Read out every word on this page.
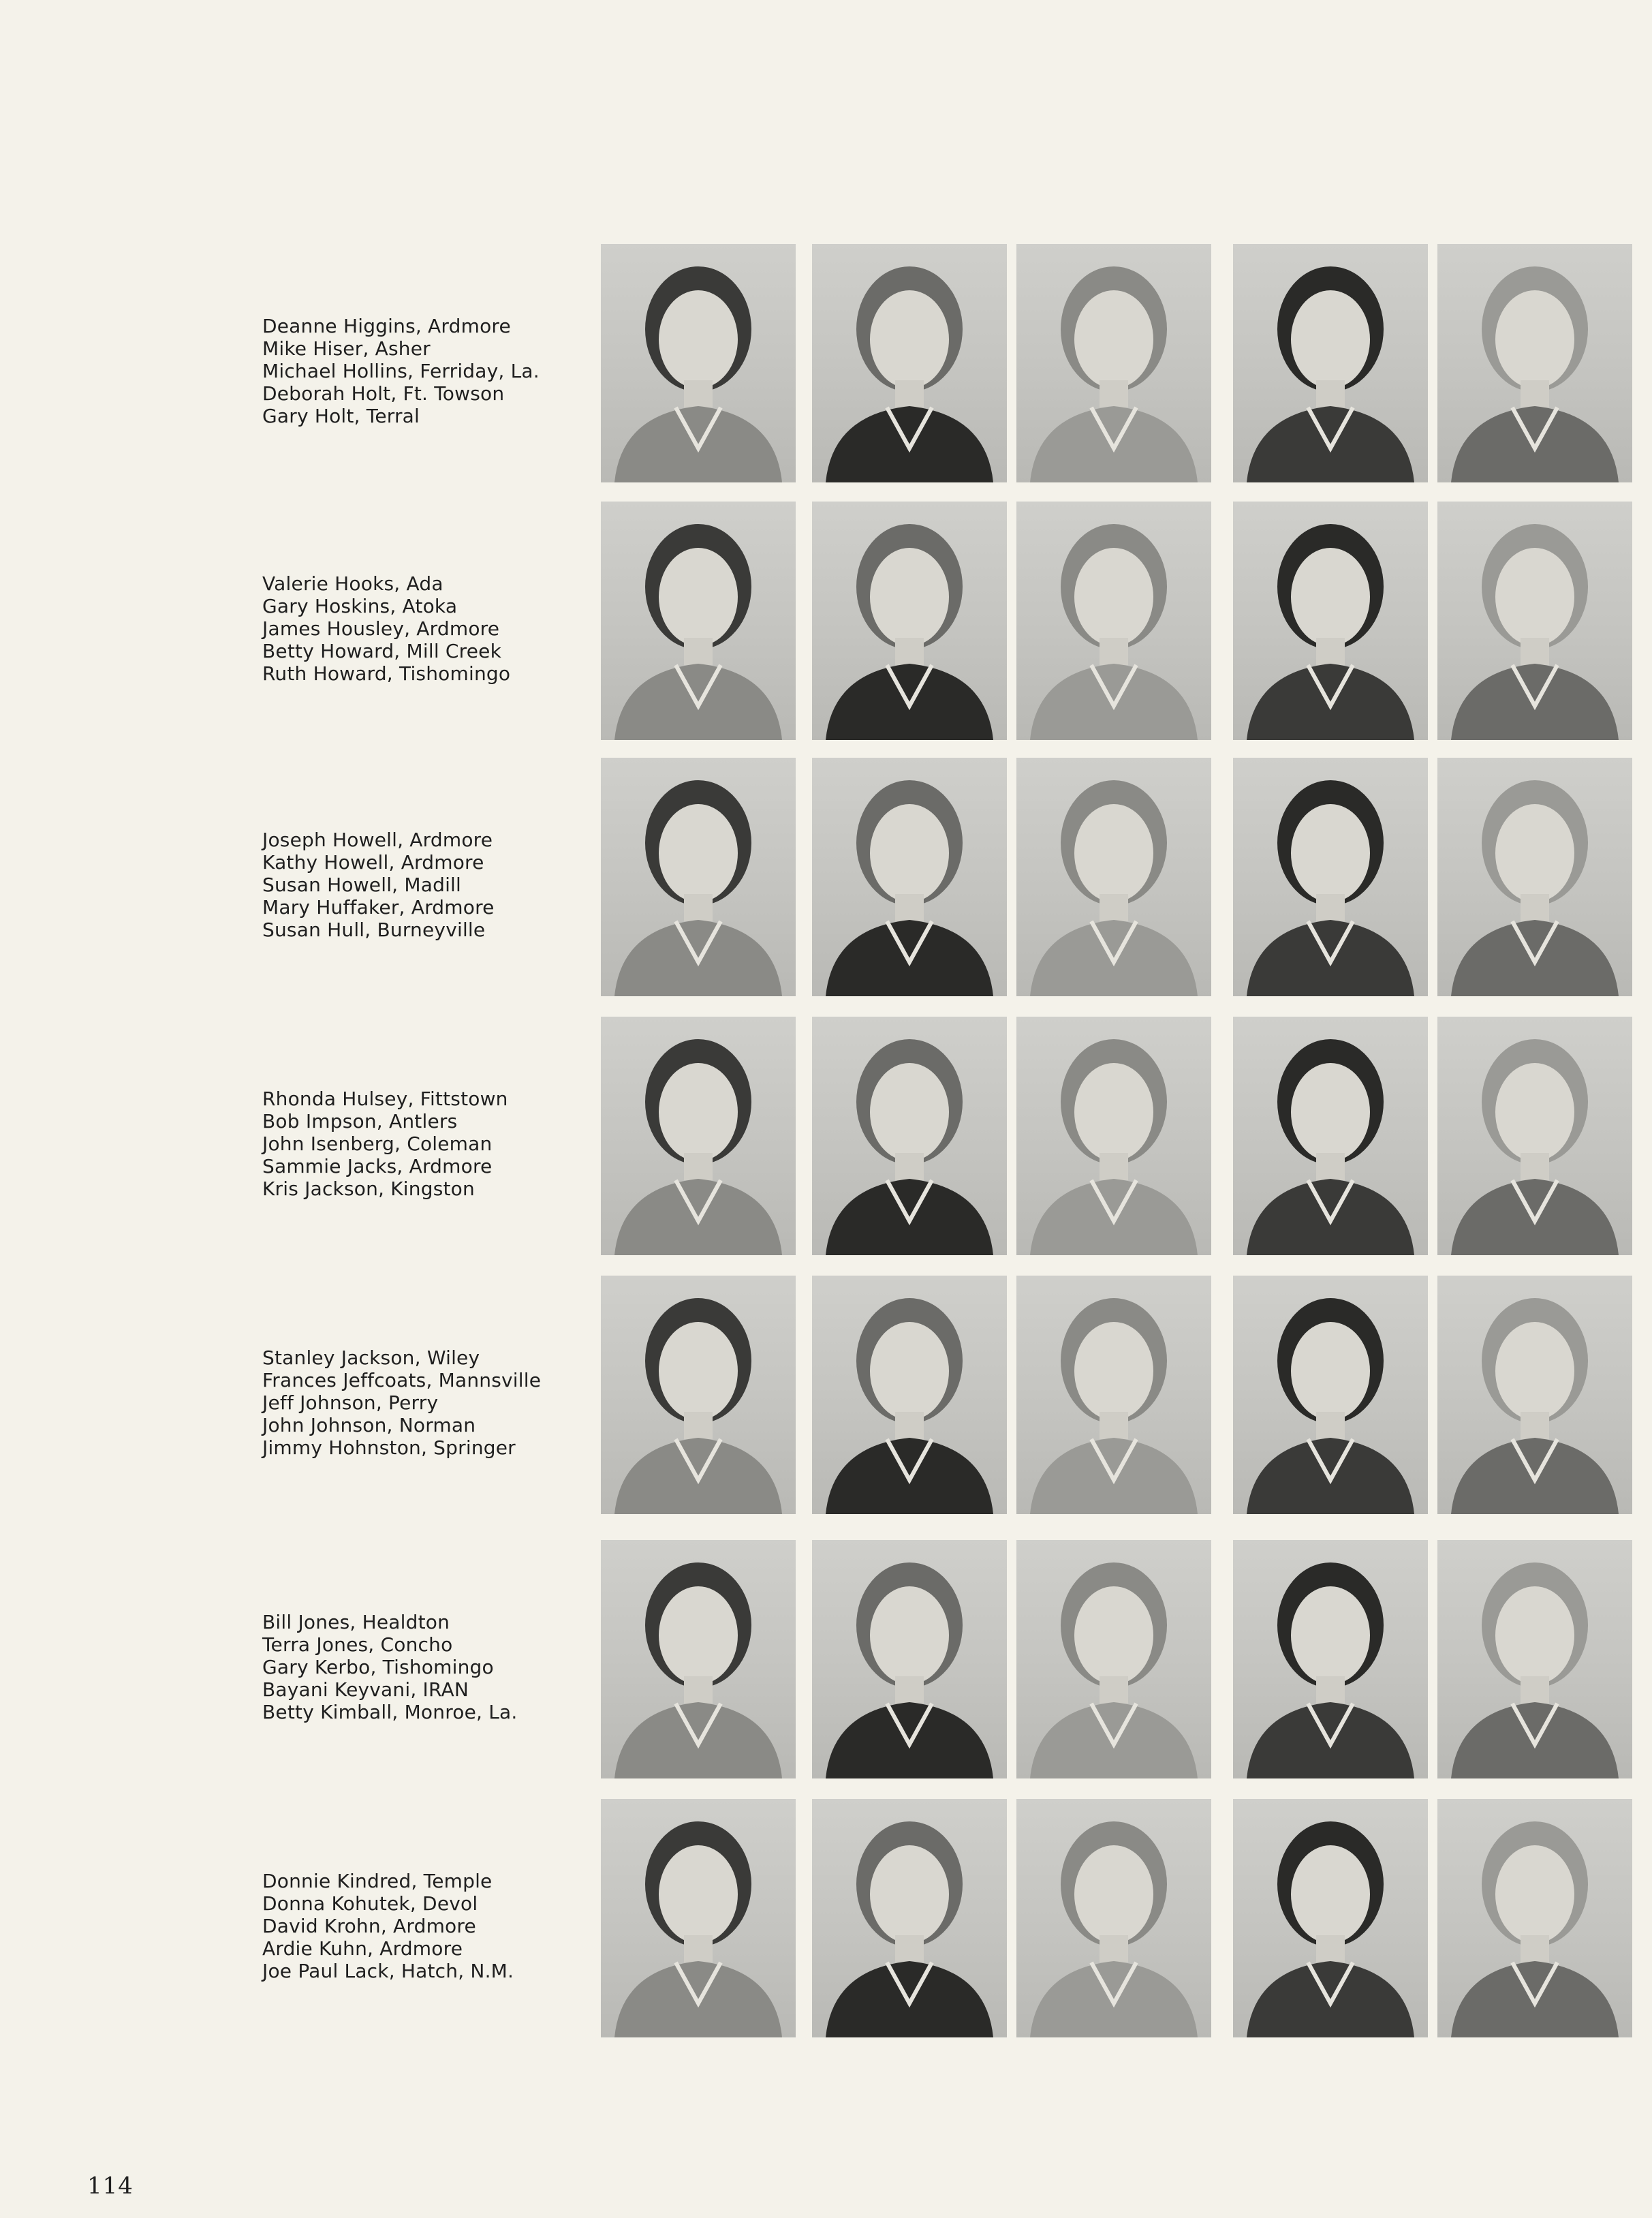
Deanne Higgins, Ardmore
Mike Hiser, Asher
Michael Hollins, Ferriday, La.
Deborah Holt, Ft. Towson
Gary Holt, Terral
Valerie Hooks, Ada
Gary Hoskins, Atoka
James Housley, Ardmore
Betty Howard, Mill Creek
Ruth Howard, Tishomingo
Joseph Howell, Ardmore
Kathy Howell, Ardmore
Susan Howell, Madill
Mary Huffaker, Ardmore
Susan Hull, Burneyville
Rhonda Hulsey, Fittstown
Bob Impson, Antlers
John Isenberg, Coleman
Sammie Jacks, Ardmore
Kris Jackson, Kingston
Stanley Jackson, Wiley
Frances Jeffcoats, Mannsville
Jeff Johnson, Perry
John Johnson, Norman
Jimmy Hohnston, Springer
Bill Jones, Healdton
Terra Jones, Concho
Gary Kerbo, Tishomingo
Bayani Keyvani, IRAN
Betty Kimball, Monroe, La.
Donnie Kindred, Temple
Donna Kohutek, Devol
David Krohn, Ardmore
Ardie Kuhn, Ardmore
Joe Paul Lack, Hatch, N.M.
114
